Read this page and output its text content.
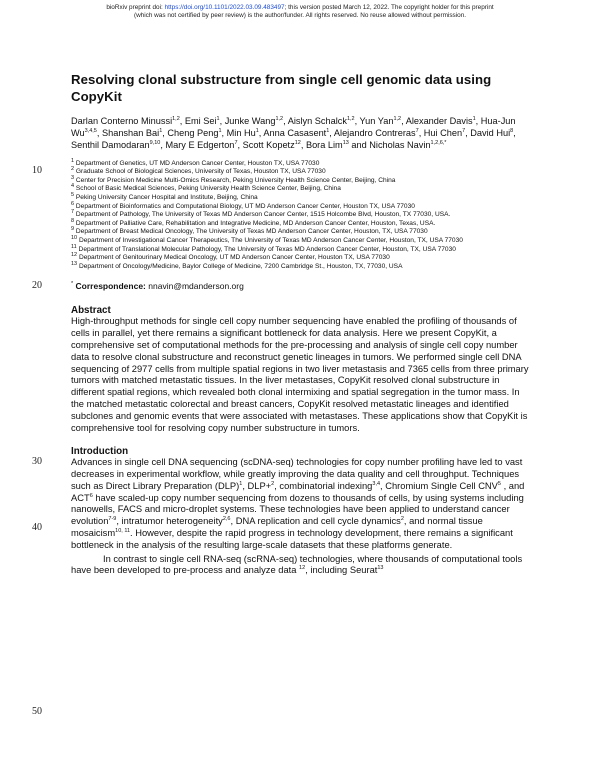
bioRxiv preprint doi: https://doi.org/10.1101/2022.03.09.483497; this version posted March 12, 2022. The copyright holder for this preprint
(which was not certified by peer review) is the author/funder. All rights reserved. No reuse allowed without permission.
10
20
30
40
50
Resolving clonal substructure from single cell genomic data using CopyKit
Darlan Conterno Minussi$^{1,2}$, Emi Sei$^1$, Junke Wang$^{1,2}$, Aislyn Schalck$^{1,2}$, Yun Yan$^{1,2}$, Alexander Davis$^1$, Hua-Jun Wu$^{3,4,5}$, Shanshan Bai$^1$, Cheng Peng$^1$, Min Hu$^1$, Anna Casasent$^1$, Alejandro Contreras$^7$, Hui Chen$^7$, David Hui$^8$, Senthil Damodaran$^{9,10}$, Mary E Edgerton$^7$, Scott Kopetz$^{12}$, Bora Lim$^{13}$ and Nicholas Navin$^{1,2,6,*}$
$^1$ Department of Genetics, UT MD Anderson Cancer Center, Houston TX, USA 77030
$^2$ Graduate School of Biological Sciences, University of Texas, Houston TX, USA 77030
$^3$ Center for Precision Medicine Multi-Omics Research, Peking University Health Science Center, Beijing, China
$^4$ School of Basic Medical Sciences, Peking University Health Science Center, Beijing, China
$^5$ Peking University Cancer Hospital and Institute, Beijing, China
$^6$ Department of Bioinformatics and Computational Biology, UT MD Anderson Cancer Center, Houston TX, USA 77030
$^7$ Department of Pathology, The University of Texas MD Anderson Cancer Center, 1515 Holcombe Blvd, Houston, TX 77030, USA.
$^8$ Department of Palliative Care, Rehabilitation and Integrative Medicine, MD Anderson Cancer Center, Houston, Texas, USA.
$^9$ Department of Breast Medical Oncology, The University of Texas MD Anderson Cancer Center, Houston, TX, USA 77030
$^{10}$ Department of Investigational Cancer Therapeutics, The University of Texas MD Anderson Cancer Center, Houston, TX, USA 77030
$^{11}$ Department of Translational Molecular Pathology, The University of Texas MD Anderson Cancer Center, Houston, TX, USA 77030
$^{12}$ Department of Genitourinary Medical Oncology, UT MD Anderson Cancer Center, Houston TX, USA 77030
$^{13}$ Department of Oncology/Medicine, Baylor College of Medicine, 7200 Cambridge St., Houston, TX, 77030, USA
* Correspondence: nnavin@mdanderson.org
Abstract

High-throughput methods for single cell copy number sequencing have enabled the profiling of thousands of cells in parallel, yet there remains a significant bottleneck for data analysis. Here we present CopyKit, a comprehensive set of computational methods for the pre-processing and analysis of single cell copy number data to resolve clonal substructure and reconstruct genetic lineages in tumors. We performed single cell DNA sequencing of 2977 cells from multiple spatial regions in two liver metastasis and 7365 cells from three primary tumors with matched metastatic tissues. In the liver metastases, CopyKit resolved clonal substructure in different spatial regions, which revealed both clonal intermixing and spatial segregation in the tumor mass. In the matched metastatic colorectal and breast cancers, CopyKit resolved metastatic lineages and identified subclones and genomic events that were associated with metastases. These applications show that CopyKit is comprehensive tool for resolving copy number substructure in tumors.

Introduction

Advances in single cell DNA sequencing (scDNA-seq) technologies for copy number profiling have led to vast decreases in experimental workflow, while greatly improving the data quality and cell throughput. Techniques such as Direct Library Preparation (DLP)$^1$, DLP+$^2$, combinatorial indexing$^{3,4}$, Chromium Single Cell CNV$^5$ , and ACT$^6$ have scaled-up copy number sequencing from dozens to thousands of cells, by using systems including nanowells, FACS and micro-droplet systems. These technologies have been applied to understand cancer evolution$^{7-9}$, intratumor heterogeneity$^{2,6}$, DNA replication and cell cycle dynamics$^2$, and normal tissue mosaicism$^{10, 11}$. However, despite the rapid progress in technology development, there remains a significant bottleneck in the analysis of the resulting large-scale datasets that these platforms generate.

In contrast to single cell RNA-seq (scRNA-seq) technologies, where thousands of computational tools have been developed to pre-process and analyze data $^{12}$, including Seurat$^{13}$
